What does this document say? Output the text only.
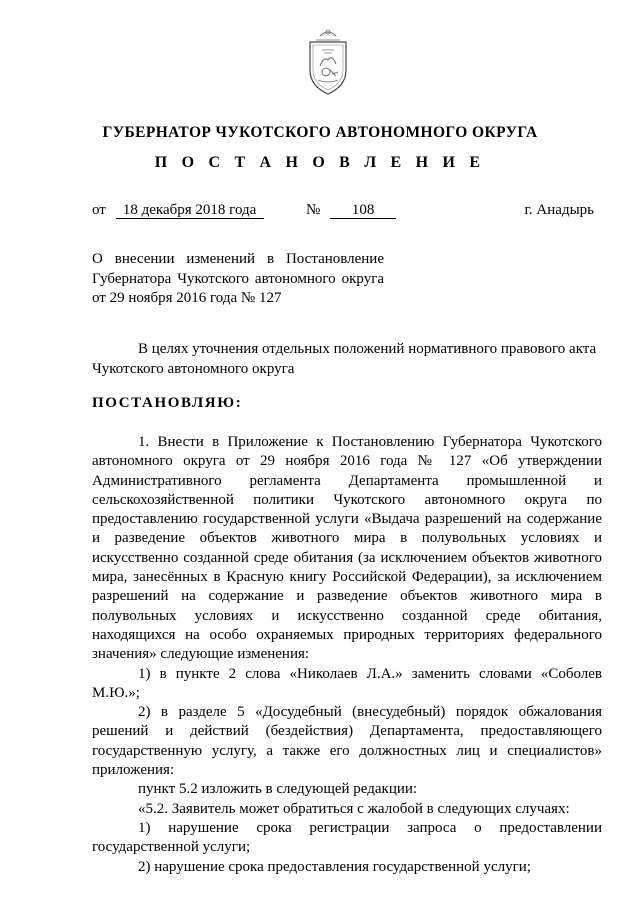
ГУБЕРНАТОР ЧУКОТСКОГО АВТОНОМНОГО ОКРУГА
П О С Т А Н О В Л Е Н И Е
от 18 декабря 2018 года	№ 108	г. Анадырь
О внесении изменений в Постановление
Губернатора Чукотского автономного округа
от 29 ноября 2016 года № 127
В целях уточнения отдельных положений нормативного правового акта
Чукотского автономного округа
ПОСТАНОВЛЯЮ:

1. Внести в Приложение к Постановлению Губернатора Чукотского автономного округа от 29 ноября 2016 года № 127 «Об утверждении Административного регламента Департамента промышленной и сельскохозяйственной политики Чукотского автономного округа по предоставлению государственной услуги «Выдача разрешений на содержание и разведение объектов животного мира в полувольных условиях и искусственно созданной среде обитания (за исключением объектов животного мира, занесённых в Красную книгу Российской Федерации), за исключением разрешений на содержание и разведение объектов животного мира в полувольных условиях и искусственно созданной среде обитания, находящихся на особо охраняемых природных территориях федерального значения» следующие изменения:

1) в пункте 2 слова «Николаев Л.А.» заменить словами «Соболев М.Ю.»;

2) в разделе 5 «Досудебный (внесудебный) порядок обжалования решений и действий (бездействия) Департамента, предоставляющего государственную услугу, а также его должностных лиц и специалистов» приложения:

пункт 5.2 изложить в следующей редакции:

«5.2. Заявитель может обратиться с жалобой в следующих случаях:

1) нарушение срока регистрации запроса о предоставлении государственной услуги;

2) нарушение срока предоставления государственной услуги;
